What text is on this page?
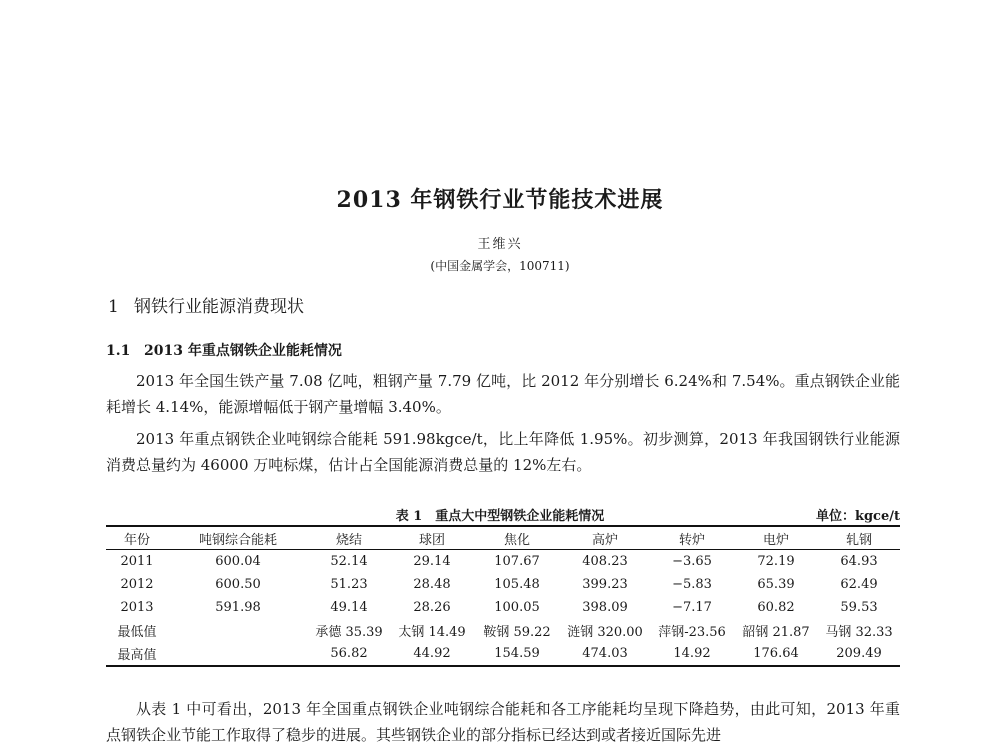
2013 年钢铁行业节能技术进展
王维兴
(中国金属学会，100711)
1 钢铁行业能源消费现状
1.1 2013 年重点钢铁企业能耗情况

2013 年全国生铁产量 7.08 亿吨，粗钢产量 7.79 亿吨，比 2012 年分别增长 6.24%和 7.54%。重点钢铁企业能耗增长 4.14%，能源增幅低于钢产量增幅 3.40%。

2013 年重点钢铁企业吨钢综合能耗 591.98kgce/t，比上年降低 1.95%。初步测算，2013 年我国钢铁行业能源消费总量约为 46000 万吨标煤，估计占全国能源消费总量的 12%左右。

表 1　重点大中型钢铁企业能耗情况	单位：kgce/t
年份	吨钢综合能耗	烧结	球团	焦化	高炉	转炉	电炉	轧钢
2011	600.04	52.14	29.14	107.67	408.23	−3.65	72.19	64.93
2012	600.50	51.23	28.48	105.48	399.23	−5.83	65.39	62.49
2013	591.98	49.14	28.26	100.05	398.09	−7.17	60.82	59.53
最低值		承德 35.39	太钢 14.49	鞍钢 59.22	涟钢 320.00	萍钢-23.56	韶钢 21.87	马钢 32.33
最高值		56.82	44.92	154.59	474.03	14.92	176.64	209.49

从表 1 中可看出，2013 年全国重点钢铁企业吨钢综合能耗和各工序能耗均呈现下降趋势，由此可知，2013 年重点钢铁企业节能工作取得了稳步的进展。其些钢铁企业的部分指标已经达到或者接近国际先进
